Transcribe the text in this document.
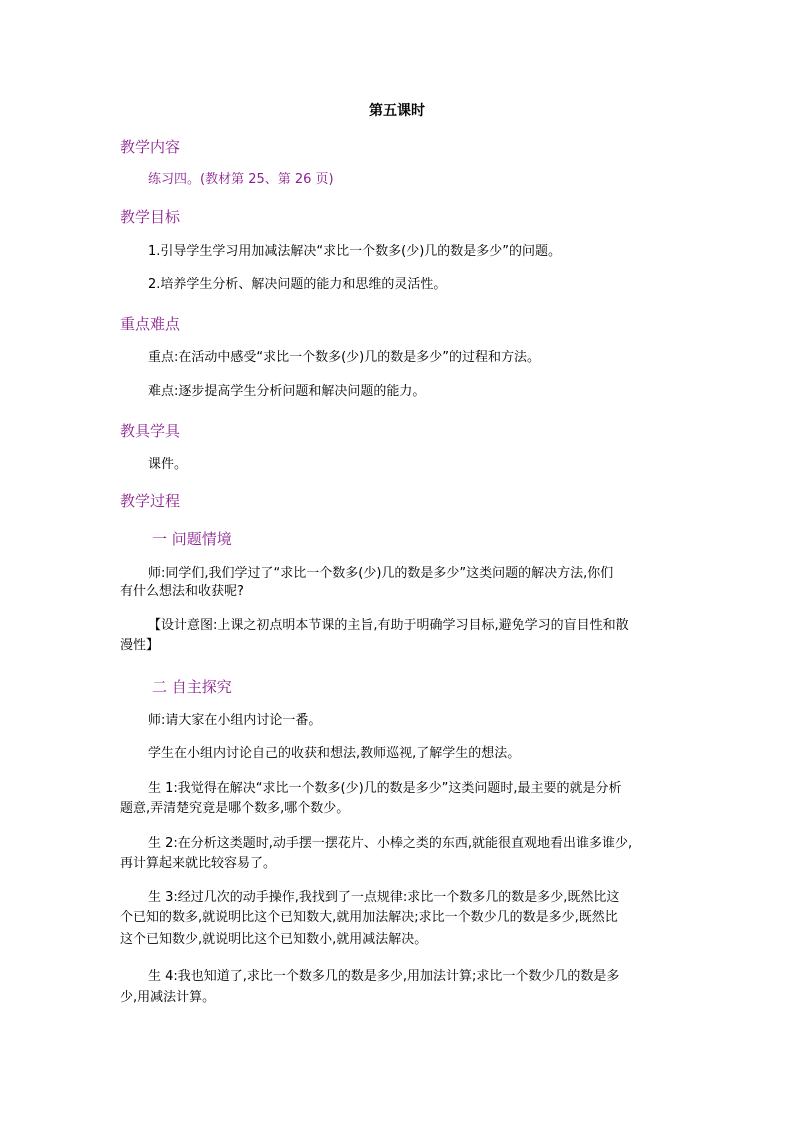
第五课时
教学内容
练习四。(教材第 25、第 26 页)
教学目标
1.引导学生学习用加减法解决“求比一个数多(少)几的数是多少”的问题。
2.培养学生分析、解决问题的能力和思维的灵活性。
重点难点
重点:在活动中感受“求比一个数多(少)几的数是多少”的过程和方法。
难点:逐步提高学生分析问题和解决问题的能力。
教具学具
课件。
教学过程
一 问题情境
师:同学们,我们学过了“求比一个数多(少)几的数是多少”这类问题的解决方法,你们
有什么想法和收获呢?
【设计意图:上课之初点明本节课的主旨,有助于明确学习目标,避免学习的盲目性和散
漫性】
二 自主探究
师:请大家在小组内讨论一番。
学生在小组内讨论自己的收获和想法,教师巡视,了解学生的想法。
生 1:我觉得在解决“求比一个数多(少)几的数是多少”这类问题时,最主要的就是分析
题意,弄清楚究竟是哪个数多,哪个数少。
生 2:在分析这类题时,动手摆一摆花片、小棒之类的东西,就能很直观地看出谁多谁少,
再计算起来就比较容易了。
生 3:经过几次的动手操作,我找到了一点规律:求比一个数多几的数是多少,既然比这
个已知的数多,就说明比这个已知数大,就用加法解决;求比一个数少几的数是多少,既然比
这个已知数少,就说明比这个已知数小,就用减法解决。
生 4:我也知道了,求比一个数多几的数是多少,用加法计算;求比一个数少几的数是多
少,用减法计算。
